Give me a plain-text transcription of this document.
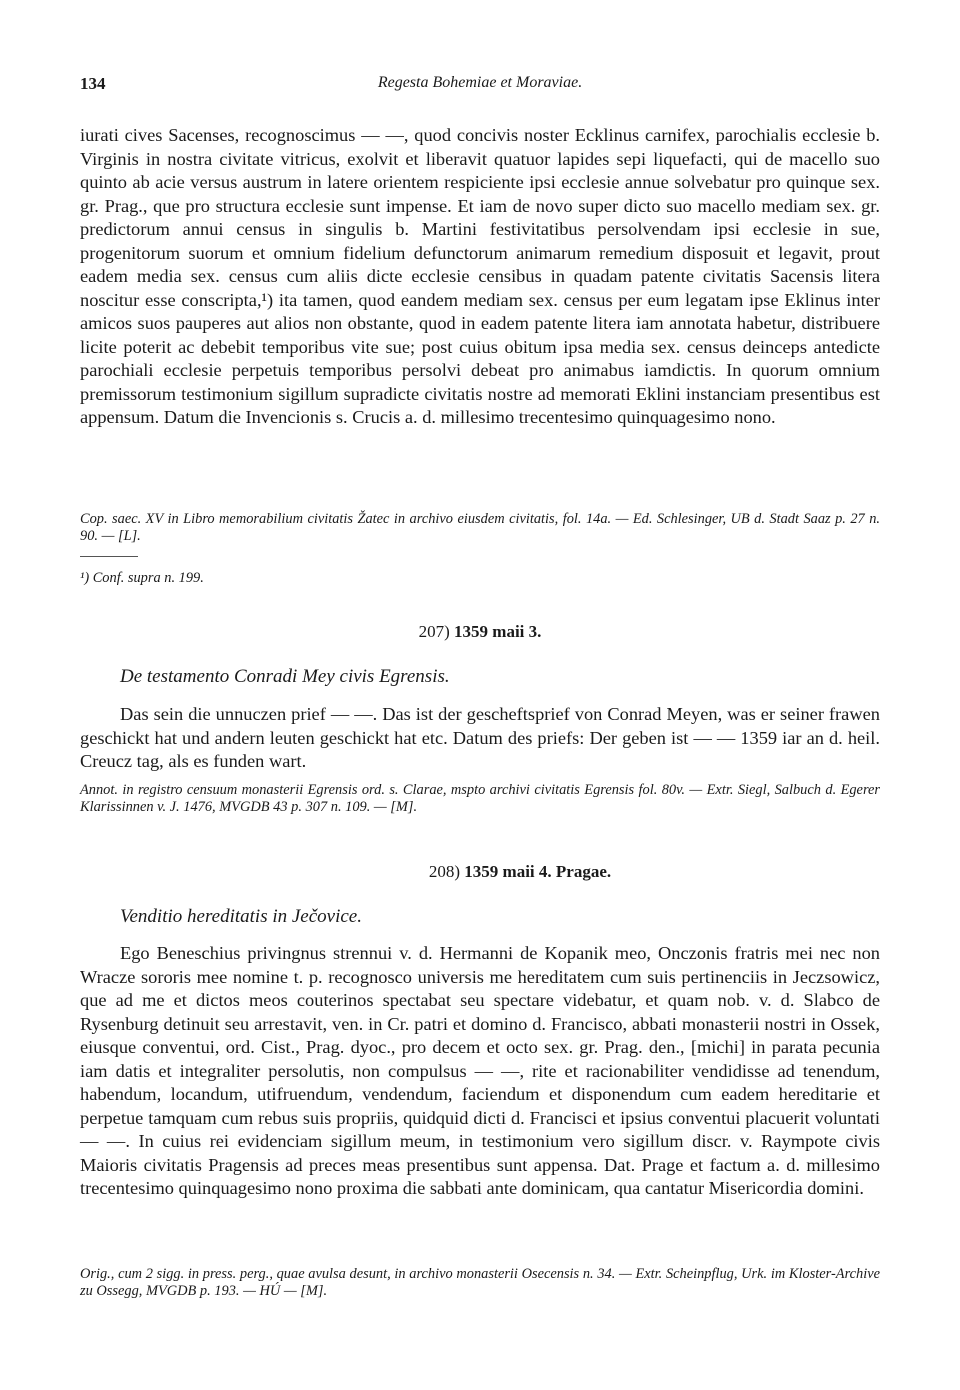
134	Regesta Bohemiae et Moraviae.

iurati cives Sacenses, recognoscimus — —, quod concivis noster Ecklinus carnifex, parochialis ecclesie b. Virginis in nostra civitate vitricus, exolvit et liberavit quatuor lapides sepi liquefacti, qui de macello suo quinto ab acie versus austrum in latere orientem respiciente ipsi ecclesie annue solvebatur pro quinque sex. gr. Prag., que pro structura ecclesie sunt impense. Et iam de novo super dicto suo macello mediam sex. gr. predictorum annui census in singulis b. Martini festivitatibus persolvendam ipsi ecclesie in sue, progenitorum suorum et omnium fidelium defunctorum animarum remedium disposuit et legavit, prout eadem media sex. census cum aliis dicte ecclesie censibus in quadam patente civitatis Sacensis litera noscitur esse conscripta,¹) ita tamen, quod eandem mediam sex. census per eum legatam ipse Eklinus inter amicos suos pauperes aut alios non obstante, quod in eadem patente litera iam annotata habetur, distribuere licite poterit ac debebit temporibus vite sue; post cuius obitum ipsa media sex. census deinceps antedicte parochiali ecclesie perpetuis temporibus persolvi debeat pro animabus iamdictis. In quorum omnium premissorum testimonium sigillum supradicte civitatis nostre ad memorati Eklini instanciam presentibus est appensum. Datum die Invencionis s. Crucis a. d. millesimo trecentesimo quinquagesimo nono.

Cop. saec. XV in Libro memorabilium civitatis Žatec in archivo eiusdem civitatis, fol. 14a. — Ed. Schlesinger, UB d. Stadt Saaz p. 27 n. 90. — [L].

¹) Conf. supra n. 199.

207) 1359 maii 3.
De testamento Conradi Mey civis Egrensis.

Das sein die unnuczen prief — —. Das ist der gescheftsprief von Conrad Meyen, was er seiner frawen geschickt hat und andern leuten geschickt hat etc. Datum des priefs: Der geben ist — — 1359 iar an d. heil. Creucz tag, als es funden wart.

Annot. in registro censuum monasterii Egrensis ord. s. Clarae, mspto archivi civitatis Egrensis fol. 80v. — Extr. Siegl, Salbuch d. Egerer Klarissinnen v. J. 1476, MVGDB 43 p. 307 n. 109. — [M].

208) 1359 maii 4. Pragae.
Venditio hereditatis in Ječovice.

Ego Beneschius privingnus strennui v. d. Hermanni de Kopanik meo, Onczonis fratris mei nec non Wracze sororis mee nomine t. p. recognosco universis me hereditatem cum suis pertinenciis in Jeczsowicz, que ad me et dictos meos couterinos spectabat seu spectare videbatur, et quam nob. v. d. Slabco de Rysenburg detinuit seu arrestavit, ven. in Cr. patri et domino d. Francisco, abbati monasterii nostri in Ossek, eiusque conventui, ord. Cist., Prag. dyoc., pro decem et octo sex. gr. Prag. den., [michi] in parata pecunia iam datis et integraliter persolutis, non compulsus — —, rite et racionabiliter vendidisse ad tenendum, habendum, locandum, utifruendum, vendendum, faciendum et disponendum cum eadem hereditarie et perpetue tamquam cum rebus suis propriis, quidquid dicti d. Francisci et ipsius conventui placuerit voluntati — —. In cuius rei evidenciam sigillum meum, in testimonium vero sigillum discr. v. Raympote civis Maioris civitatis Pragensis ad preces meas presentibus sunt appensa. Dat. Prage et factum a. d. millesimo trecentesimo quinquagesimo nono proxima die sabbati ante dominicam, qua cantatur Misericordia domini.

Orig., cum 2 sigg. in press. perg., quae avulsa desunt, in archivo monasterii Osecensis n. 34. — Extr. Scheinpflug, Urk. im Kloster-Archive zu Ossegg, MVGDB p. 193. — HÚ — [M].
